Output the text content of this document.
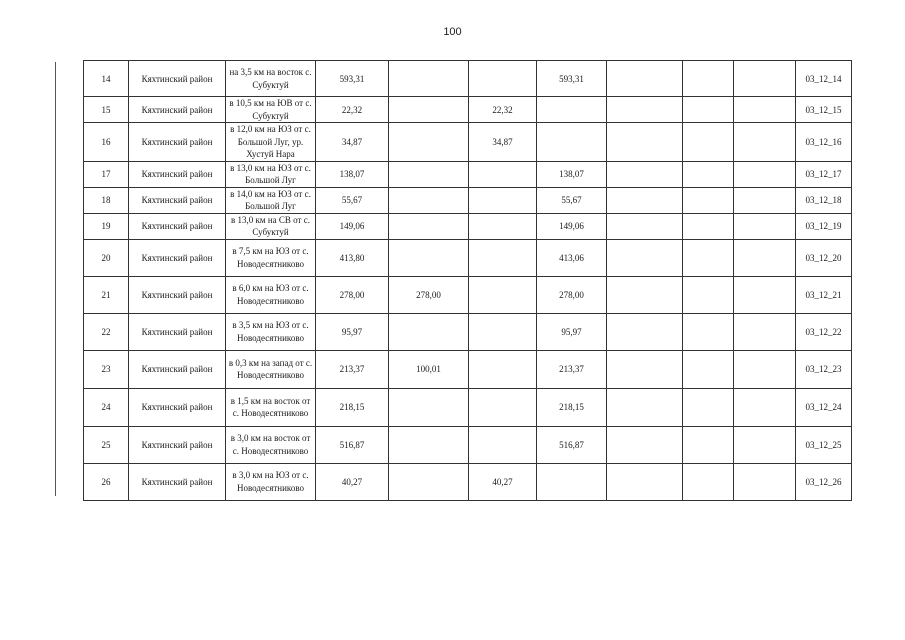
100
14	Кяхтинский район	на 3,5 км на восток с. Субуктуй	593,31			593,31				03_12_14
15	Кяхтинский район	в 10,5 км на ЮВ от с. Субуктуй	22,32		22,32					03_12_15
16	Кяхтинский район	в 12,0 км на ЮЗ от с. Большой Луг, ур. Хустуй Нара	34,87		34,87					03_12_16
17	Кяхтинский район	в 13,0 км на ЮЗ от с. Большой Луг	138,07			138,07				03_12_17
18	Кяхтинский район	в 14,0 км на ЮЗ от с. Большой Луг	55,67			55,67				03_12_18
19	Кяхтинский район	в 13,0 км на СВ от с. Субуктуй	149,06			149,06				03_12_19
20	Кяхтинский район	в 7,5 км на ЮЗ от с. Новодесятниково	413,80			413,06				03_12_20
21	Кяхтинский район	в 6,0 км на ЮЗ от с. Новодесятниково	278,00	278,00		278,00				03_12_21
22	Кяхтинский район	в 3,5 км на ЮЗ от с. Новодесятниково	95,97			95,97				03_12_22
23	Кяхтинский район	в 0,3 км на запад от с. Новодесятниково	213,37	100,01		213,37				03_12_23
24	Кяхтинский район	в 1,5 км на восток от с. Новодесятниково	218,15			218,15				03_12_24
25	Кяхтинский район	в 3,0 км на восток от с. Новодесятниково	516,87			516,87				03_12_25
26	Кяхтинский район	в 3,0 км на ЮЗ от с. Новодесятниково	40,27		40,27					03_12_26
